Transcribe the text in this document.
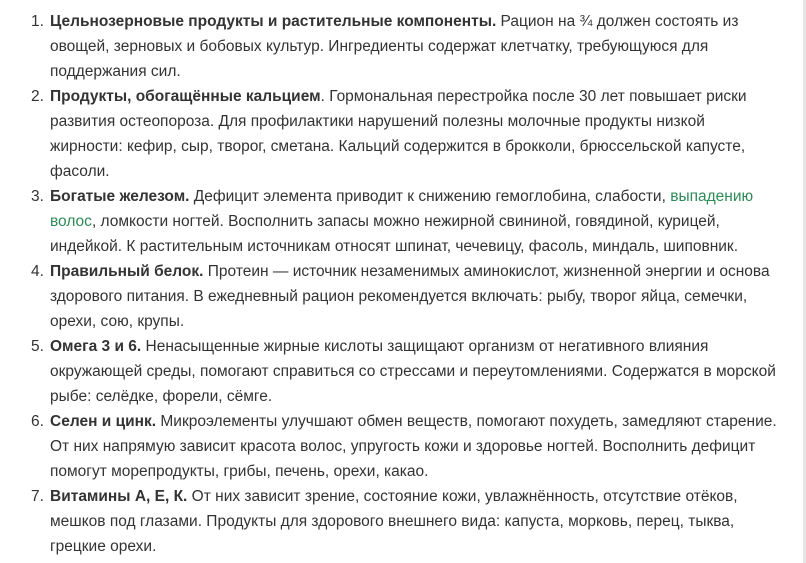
1. Цельнозерновые продукты и растительные компоненты. Рацион на ¾ должен состоять из овощей, зерновых и бобовых культур. Ингредиенты содержат клетчатку, требующуюся для поддержания сил.
2. Продукты, обогащённые кальцием. Гормональная перестройка после 30 лет повышает риски развития остеопороза. Для профилактики нарушений полезны молочные продукты низкой жирности: кефир, сыр, творог, сметана. Кальций содержится в брокколи, брюссельской капусте, фасоли.
3. Богатые железом. Дефицит элемента приводит к снижению гемоглобина, слабости, выпадению волос, ломкости ногтей. Восполнить запасы можно нежирной свининой, говядиной, курицей, индейкой. К растительным источникам относят шпинат, чечевицу, фасоль, миндаль, шиповник.
4. Правильный белок. Протеин — источник незаменимых аминокислот, жизненной энергии и основа здорового питания. В ежедневный рацион рекомендуется включать: рыбу, творог яйца, семечки, орехи, сою, крупы.
5. Омега 3 и 6. Ненасыщенные жирные кислоты защищают организм от негативного влияния окружающей среды, помогают справиться со стрессами и переутомлениями. Содержатся в морской рыбе: селёдке, форели, сёмге.
6. Селен и цинк. Микроэлементы улучшают обмен веществ, помогают похудеть, замедляют старение. От них напрямую зависит красота волос, упругость кожи и здоровье ногтей. Восполнить дефицит помогут морепродукты, грибы, печень, орехи, какао.
7. Витамины А, Е, К. От них зависит зрение, состояние кожи, увлажнённость, отсутствие отёков, мешков под глазами. Продукты для здорового внешнего вида: капуста, морковь, перец, тыква, грецкие орехи.
